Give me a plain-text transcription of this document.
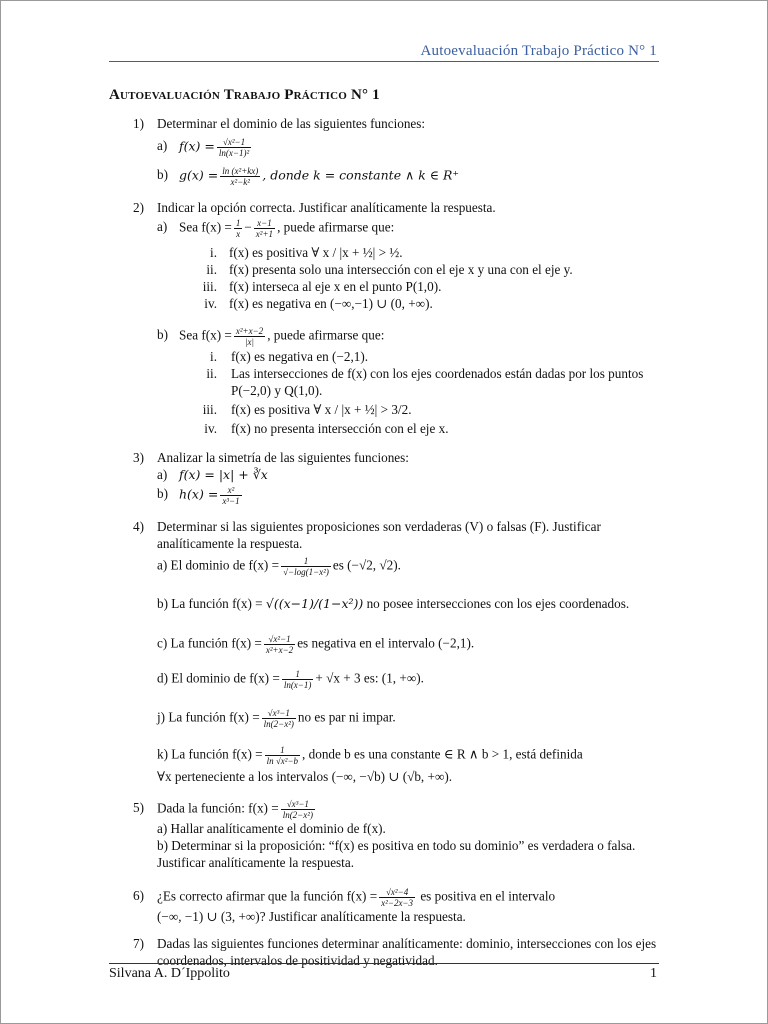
Autoevaluación Trabajo Práctico N° 1
Autoevaluación Trabajo Práctico N° 1
1) Determinar el dominio de las siguientes funciones:
a) $f(x) = \frac{\text{√x²−1}}{\text{ln(x−1)²}}$
b) $g(x) = \frac{\text{ln (x²+kx)}}{\text{x²−k²}}$ , donde k = constante ∧ k ∈ R⁺
2) Indicar la opción correcta. Justificar analíticamente la respuesta.
a) Sea $f(x) = \frac{1}{x} - \frac{x-1}{\text{x²+1}}$ , puede afirmarse que:
i. f(x) es positiva ∀ x / |x + ½| > ½.
ii. f(x) presenta solo una intersección con el eje x y una con el eje y.
iii. f(x) interseca al eje x en el punto P(1,0).
iv. f(x) es negativa en (−∞,−1) ∪ (0, +∞).
b) Sea $f(x) = \frac{\text{x²+x−2}}{|x|}$ , puede afirmarse que:
i. f(x) es negativa en (−2,1).
ii. Las intersecciones de f(x) con los ejes coordenados están dadas por los puntos P(−2,0) y Q(1,0).
iii. f(x) es positiva ∀ x / |x + ½| > 3/2.
iv. f(x) no presenta intersección con el eje x.
3) Analizar la simetría de las siguientes funciones:
a) f(x) = |x| + ∛x
b) $h(x) = \frac{\text{x²}}{\text{x³−1}}$
4) Determinar si las siguientes proposiciones son verdaderas (V) o falsas (F). Justificar analíticamente la respuesta.
a) El dominio de $f(x) = \frac{1}{\text{√−log(1−x²)}}$ es (−√2, √2).
b) La función f(x) = √((x−1)/(1−x²)) no posee intersecciones con los ejes coordenados.
c) La función $f(x) = \frac{\text{√x²−1}}{\text{x²+x−2}}$ es negativa en el intervalo (−2,1).
d) El dominio de $f(x) = \frac{1}{\ln(x-1)} + √x + 3$ es: (1, +∞).
j) La función $f(x) = \frac{\text{√x³−1}}{\text{ln(2−x²)}}$ no es par ni impar.
k) La función $f(x) = \frac{1}{\text{ln √x²−b}}$ , donde b es una constante ∈ R ∧ b > 1, está definida
∀x perteneciente a los intervalos (−∞, −√b) ∪ (√b, +∞).
5) Dada la función: $f(x) = \frac{\text{√x³−1}}{\text{ln(2−x²)}}$
a) Hallar analíticamente el dominio de f(x).
b) Determinar si la proposición: “f(x) es positiva en todo su dominio” es verdadera o falsa. Justificar analíticamente la respuesta.
6) ¿Es correcto afirmar que la función $f(x) = \frac{\text{√x²−4}}{\text{x²−2x−3}}$ es positiva en el intervalo
(−∞, −1) ∪ (3, +∞)? Justificar analíticamente la respuesta.
7) Dadas las siguientes funciones determinar analíticamente: dominio, intersecciones con los ejes coordenados, intervalos de positividad y negatividad.
Silvana A. D´Ippolito	1
